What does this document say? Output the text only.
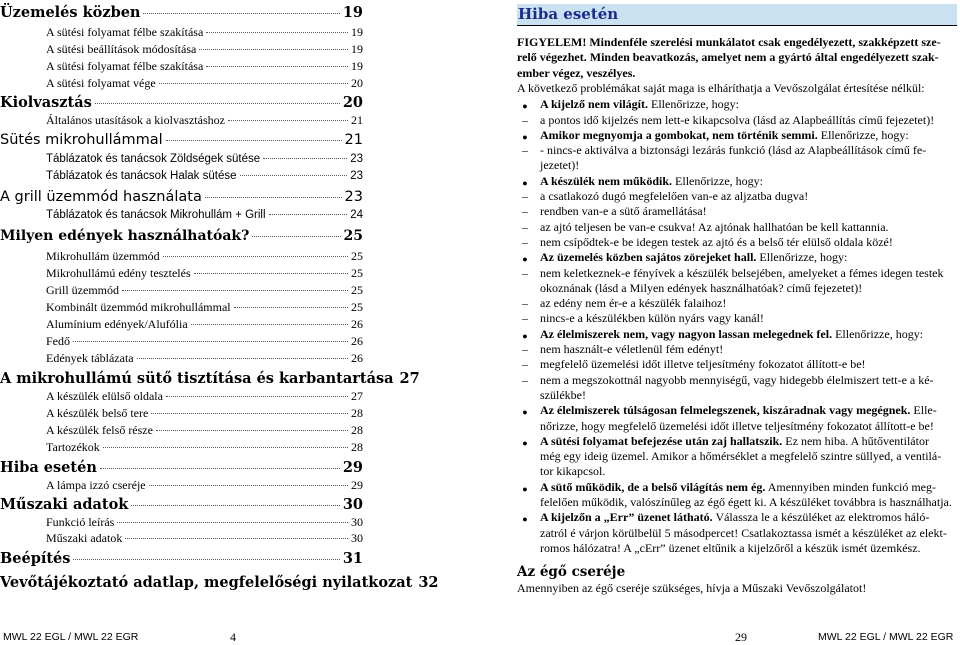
Üzemelés közben	19
A sütési folyamat félbe szakítása	19
A sütési beállítások módosítása	19
A sütési folyamat félbe szakítása	19
A sütési folyamat vége	20
Kiolvasztás	20
Általános utasítások a kiolvasztáshoz	21
Sütés mikrohullámmal	21
Táblázatok és tanácsok Zöldségek sütése	23
Táblázatok és tanácsok Halak sütése	23
A grill üzemmód használata	23
Táblázatok és tanácsok Mikrohullám + Grill	24
Milyen edények használhatóak?	25
Mikrohullám üzemmód	25
Mikrohullámú edény tesztelés	25
Grill üzemmód	25
Kombinált üzemmód mikrohullámmal	25
Alumínium edények/Alufólia	26
Fedő	26
Edények táblázata	26
A mikrohullámú sütő tisztítása és karbantartása 27
A készülék elülső oldala	27
A készülék belső tere	28
A készülék felső része	28
Tartozékok	28
Hiba esetén	29
A lámpa izzó cseréje	29
Műszaki adatok	30
Funkció leírás	30
Műszaki adatok	30
Beépítés	31
Vevőtájékoztató adatlap, megfelelőségi nyilatkozat 32
Hiba esetén
FIGYELEM! Mindenféle szerelési munkálatot csak engedélyezett, szakképzett sze-
relő végezhet. Minden beavatkozás, amelyet nem a gyártó által engedélyezett szak-
ember végez, veszélyes.
A következő problémákat saját maga is elháríthatja a Vevőszolgálat értesítése nélkül:
● A kijelző nem világít. Ellenőrizze, hogy:
– a pontos idő kijelzés nem lett-e kikapcsolva (lásd az Alapbeállítás című fejezetet)!
● Amikor megnyomja a gombokat, nem történik semmi. Ellenőrizze, hogy:
– - nincs-e aktiválva a biztonsági lezárás funkció (lásd az Alapbeállítások című fe-
jezetet)!
● A készülék nem működik. Ellenőrizze, hogy:
– a csatlakozó dugó megfelelően van-e az aljzatba dugva!
– rendben van-e a sütő áramellátása!
– az ajtó teljesen be van-e csukva! Az ajtónak hallhatóan be kell kattannia.
– nem csípődtek-e be idegen testek az ajtó és a belső tér elülső oldala közé!
● Az üzemelés közben sajátos zörejeket hall. Ellenőrizze, hogy:
– nem keletkeznek-e fényívek a készülék belsejében, amelyeket a fémes idegen testek
okoznának (lásd a Milyen edények használhatóak? című fejezetet)!
– az edény nem ér-e a készülék falaihoz!
– nincs-e a készülékben külön nyárs vagy kanál!
● Az élelmiszerek nem, vagy nagyon lassan melegednek fel. Ellenőrizze, hogy:
– nem használt-e véletlenül fém edényt!
– megfelelő üzemelési időt illetve teljesítmény fokozatot állított-e be!
– nem a megszokottnál nagyobb mennyiségű, vagy hidegebb élelmiszert tett-e a ké-
szülékbe!
● Az élelmiszerek túlságosan felmelegszenek, kiszáradnak vagy megégnek. Elle-
nőrizze, hogy megfelelő üzemelési időt illetve teljesítmény fokozatot állított-e be!
● A sütési folyamat befejezése után zaj hallatszik. Ez nem hiba. A hűtőventilátor
még egy ideig üzemel. Amikor a hőmérséklet a megfelelő szintre süllyed, a ventilá-
tor kikapcsol.
● A sütő működik, de a belső világítás nem ég. Amennyiben minden funkció meg-
felelően működik, valószínűleg az égő égett ki. A készüléket továbbra is használhatja.
● A kijelzőn a „Err” üzenet látható. Válassza le a készüléket az elektromos háló-
zatról é várjon körülbelül 5 másodpercet! Csatlakoztassa ismét a készüléket az elekt-
romos hálózatra! A „cErr” üzenet eltűnik a kijelzőről a készük ismét üzemkész.
Az égő cseréje
Amennyiben az égő cseréje szükséges, hívja a Műszaki Vevőszolgálatot!
MWL 22 EGL / MWL 22 EGR	4	29	MWL 22 EGL / MWL 22 EGR
